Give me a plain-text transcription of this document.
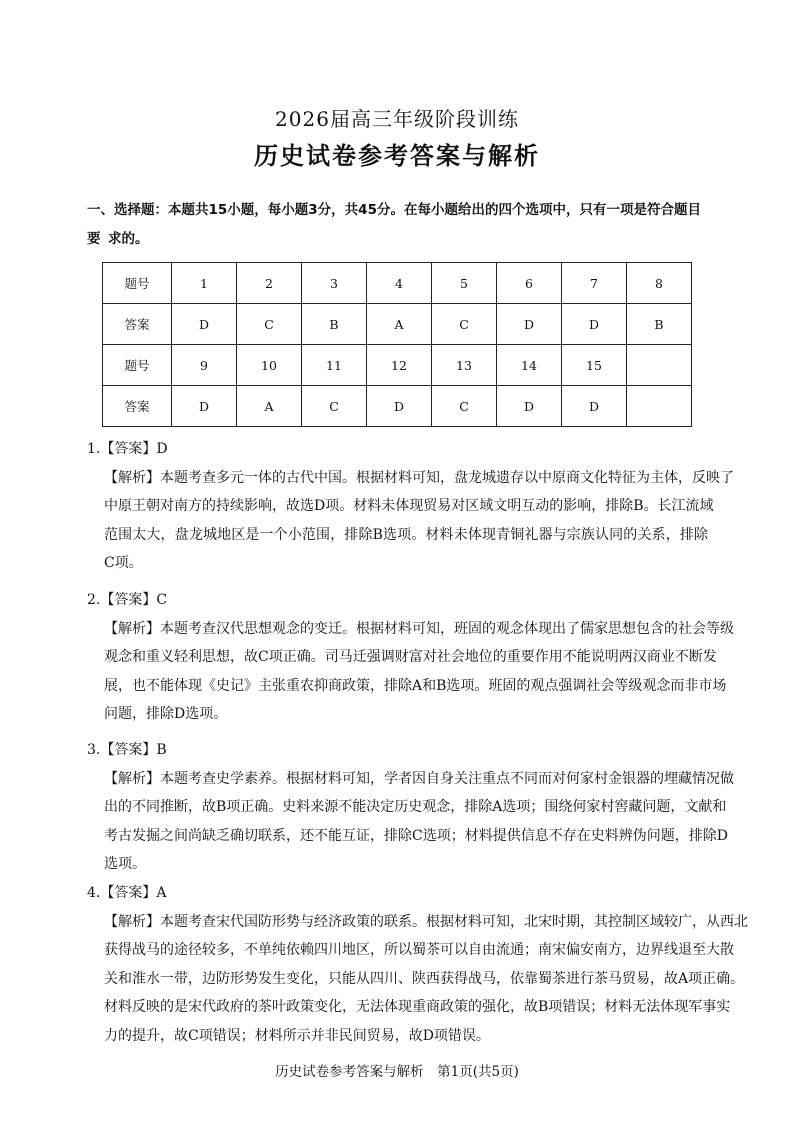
2026届高三年级阶段训练
历史试卷参考答案与解析
一、选择题：本题共15小题，每小题3分，共45分。在每小题给出的四个选项中，只有一项是符合题目要 求的。
题号	1	2	3	4	5	6	7	8
答案	D	C	B	A	C	D	D	B
题号	9	10	11	12	13	14	15	
答案	D	A	C	D	C	D	D	
1.【答案】D
【解析】本题考查多元一体的古代中国。根据材料可知，盘龙城遗存以中原商文化特征为主体，反映了
中原王朝对南方的持续影响，故选D项。材料未体现贸易对区域文明互动的影响，排除B。长江流域
范围太大，盘龙城地区是一个小范围，排除B选项。材料未体现青铜礼器与宗族认同的关系，排除
C项。
2.【答案】C
【解析】本题考查汉代思想观念的变迁。根据材料可知，班固的观念体现出了儒家思想包含的社会等级
观念和重义轻利思想，故C项正确。司马迁强调财富对社会地位的重要作用不能说明两汉商业不断发
展，也不能体现《史记》主张重农抑商政策，排除A和B选项。班固的观点强调社会等级观念而非市场
问题，排除D选项。
3.【答案】B
【解析】本题考查史学素养。根据材料可知，学者因自身关注重点不同而对何家村金银器的埋藏情况做
出的不同推断，故B项正确。史料来源不能决定历史观念，排除A选项；围绕何家村窖藏问题，文献和
考古发掘之间尚缺乏确切联系，还不能互证，排除C选项；材料提供信息不存在史料辨伪问题，排除D
选项。
4.【答案】A
【解析】本题考查宋代国防形势与经济政策的联系。根据材料可知，北宋时期，其控制区域较广，从西北
获得战马的途径较多，不单纯依赖四川地区，所以蜀茶可以自由流通；南宋偏安南方，边界线退至大散
关和淮水一带，边防形势发生变化，只能从四川、陕西获得战马，依靠蜀茶进行茶马贸易，故A项正确。
材料反映的是宋代政府的茶叶政策变化，无法体现重商政策的强化，故B项错误；材料无法体现军事实
力的提升，故C项错误；材料所示并非民间贸易，故D项错误。
历史试卷参考答案与解析　第1页(共5页)
